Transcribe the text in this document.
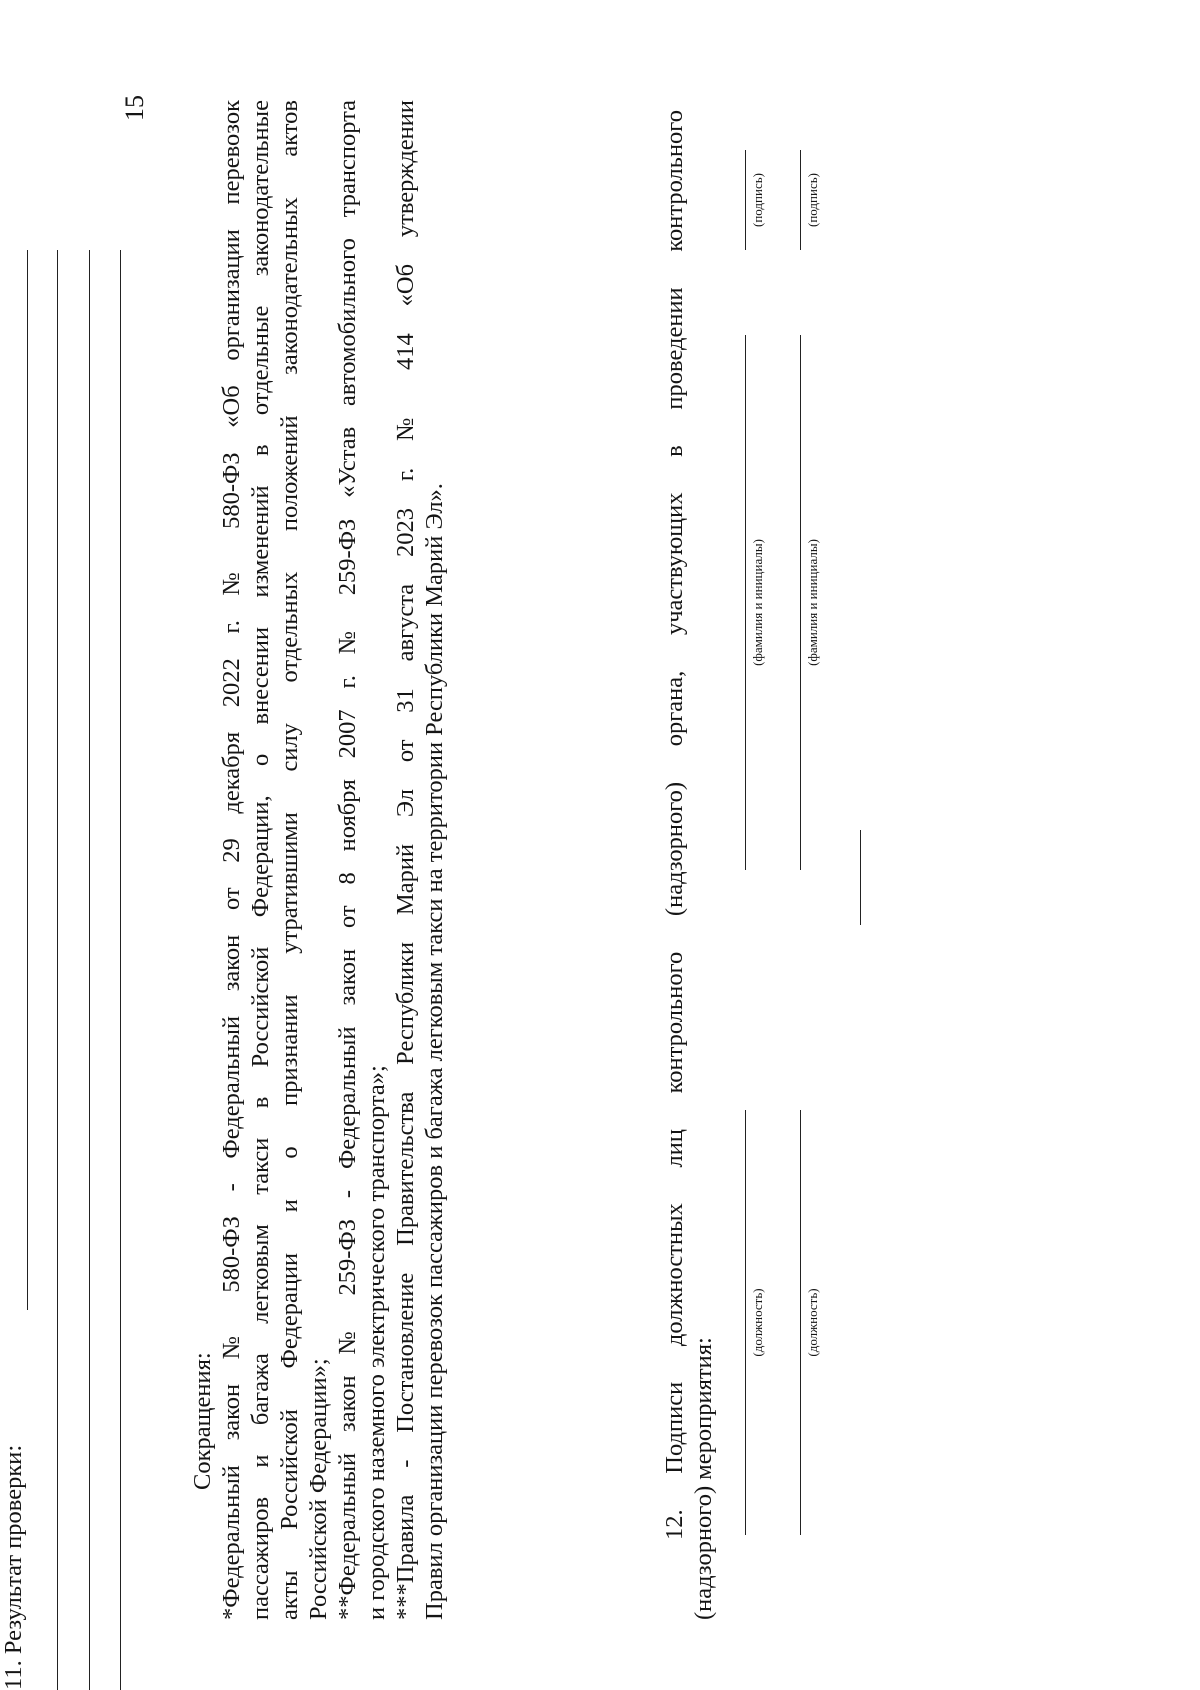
15
Сокращения: *Федеральный закон № 580-ФЗ - Федеральный закон от 29 декабря 2022 г. № 580-ФЗ «Об организации перевозок пассажиров и багажа легковым такси в Российской Федерации, о внесении изменений в отдельные законодательные акты Российской Федерации и о признании утратившими силу отдельных положений законодательных актов Российской Федерации»; **Федеральный закон № 259-ФЗ - Федеральный закон от 8 ноября 2007 г. № 259-ФЗ «Устав автомобильного транспорта и городского наземного электрического транспорта»; ***Правила - Постановление Правительства Республики Марий Эл от 31 августа 2023 г. № 414 «Об утверждении Правил организации перевозок пассажиров и багажа легковым такси на территории Республики Марий Эл».
11. Результат проверки:
12. Подписи должностных лиц контрольного (надзорного) органа, участвующих в проведении контрольного (надзорного) мероприятия:
(должность)
(фамилия и инициалы)
(подпись)
(должность)
(фамилия и инициалы)
(подпись)
